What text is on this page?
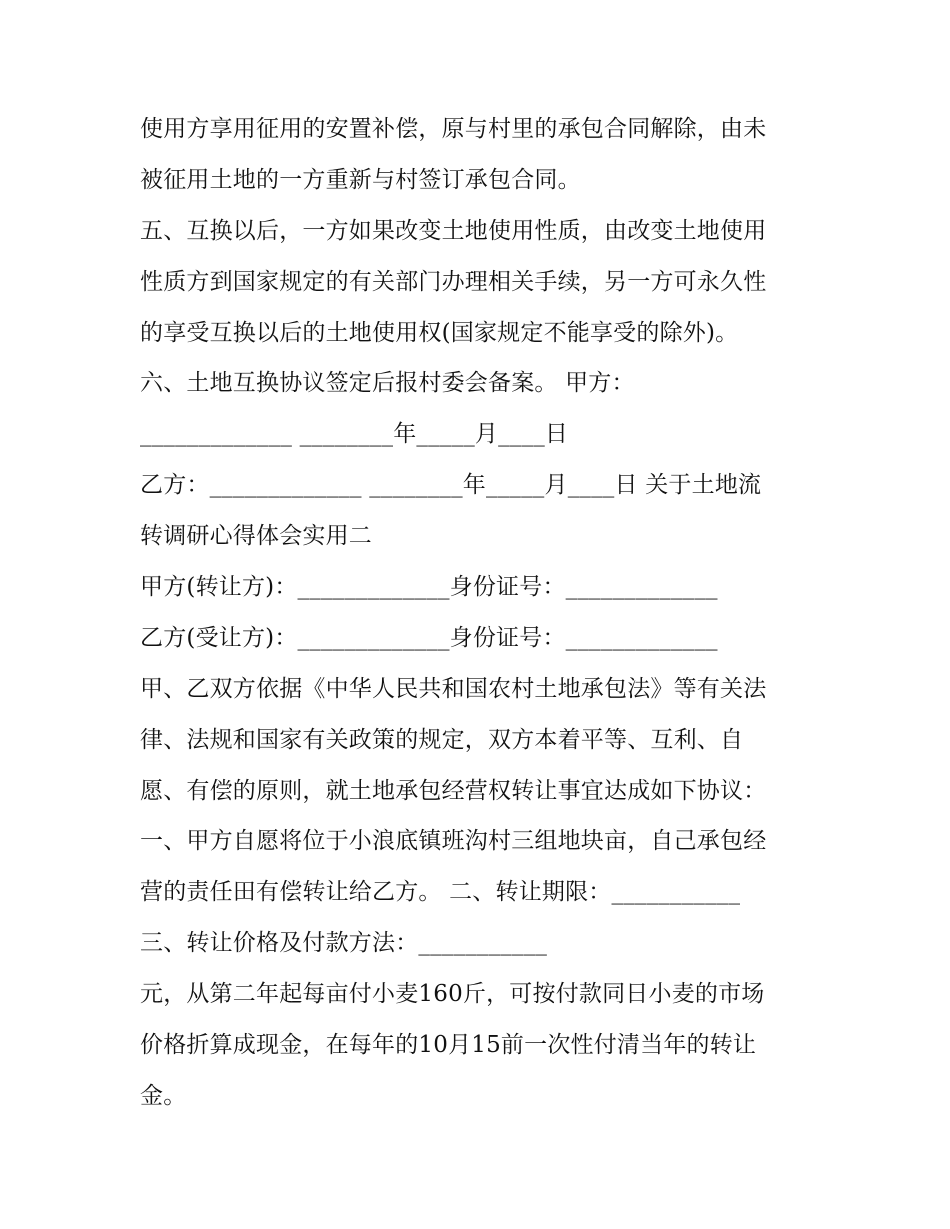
使用方享用征用的安置补偿，原与村里的承包合同解除，由未
被征用土地的一方重新与村签订承包合同。
五、互换以后，一方如果改变土地使用性质，由改变土地使用
性质方到国家规定的有关部门办理相关手续，另一方可永久性
的享受互换以后的土地使用权(国家规定不能享受的除外)。
六、土地互换协议签定后报村委会备案。 甲方：
_____________ ________年_____月____日
乙方：_____________ ________年_____月____日 关于土地流
转调研心得体会实用二
甲方(转让方)：_____________身份证号：_____________
乙方(受让方)：_____________身份证号：_____________
甲、乙双方依据《中华人民共和国农村土地承包法》等有关法
律、法规和国家有关政策的规定，双方本着平等、互利、自
愿、有偿的原则，就土地承包经营权转让事宜达成如下协议：
一、甲方自愿将位于小浪底镇班沟村三组地块亩，自己承包经
营的责任田有偿转让给乙方。 二、转让期限：___________
三、转让价格及付款方法：___________
元，从第二年起每亩付小麦160斤，可按付款同日小麦的市场
价格折算成现金，在每年的10月15前一次性付清当年的转让
金。
